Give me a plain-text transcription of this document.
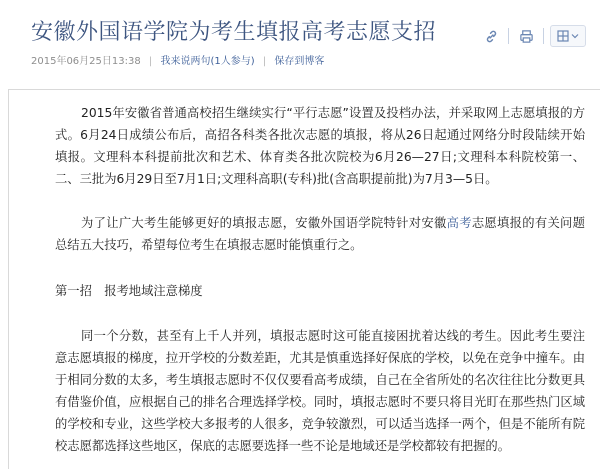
安徽外国语学院为考生填报高考志愿支招
2015年06月25日13:38 | 我来说两句(1人参与) | 保存到博客

2015年安徽省普通高校招生继续实行“平行志愿”设置及投档办法，并采取网上志愿填报的方式。6月24日成绩公布后，高招各科类各批次志愿的填报，将从26日起通过网络分时段陆续开始填报。文理科本科提前批次和艺术、体育类各批次院校为6月26—27日;文理科本科院校第一、二、三批为6月29日至7月1日;文理科高职(专科)批(含高职提前批)为7月3—5日。

为了让广大考生能够更好的填报志愿，安徽外国语学院特针对安徽高考志愿填报的有关问题总结五大技巧，希望每位考生在填报志愿时能慎重行之。

第一招　报考地域注意梯度

同一个分数，甚至有上千人并列，填报志愿时这可能直接困扰着达线的考生。因此考生要注意志愿填报的梯度，拉开学校的分数差距，尤其是慎重选择好保底的学校，以免在竞争中撞车。由于相同分数的太多，考生填报志愿时不仅仅要看高考成绩，自己在全省所处的名次往往比分数更具有借鉴价值，应根据自己的排名合理选择学校。同时，填报志愿时不要只将目光盯在那些热门区域的学校和专业，这些学校大多报考的人很多，竞争较激烈，可以适当选择一两个，但是不能所有院校志愿都选择这些地区，保底的志愿要选择一些不论是地域还是学校都较有把握的。
